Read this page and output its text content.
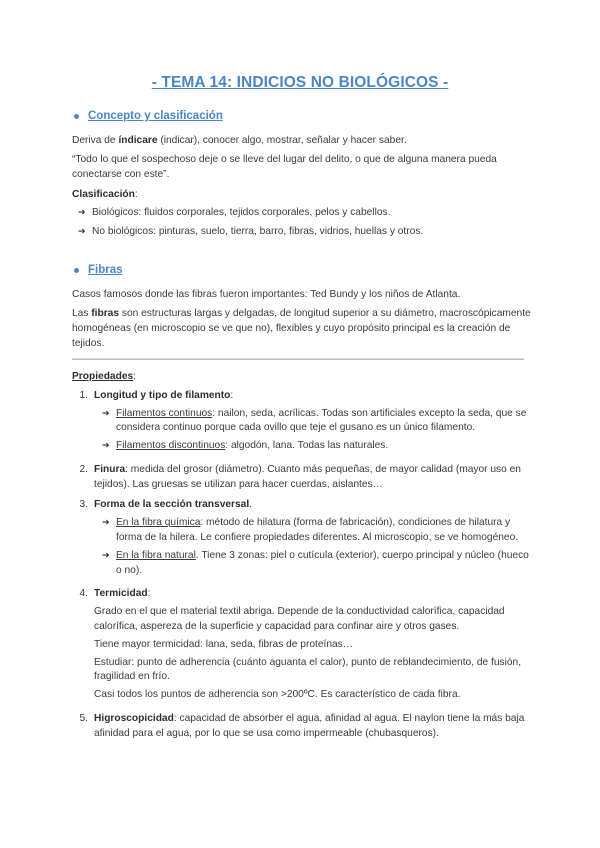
- TEMA 14: INDICIOS NO BIOLÓGICOS -
Concepto y clasificación

Deriva de índicare (indicar), conocer algo, mostrar, señalar y hacer saber.

“Todo lo que el sospechoso deje o se lleve del lugar del delito, o que de alguna manera pueda conectarse con este”.

Clasificación:
➔ Biológicos: fluidos corporales, tejidos corporales, pelos y cabellos.
➔ No biológicos: pinturas, suelo, tierra, barro, fibras, vidrios, huellas y otros.
Fibras

Casos famosos donde las fibras fueron importantes: Ted Bundy y los niños de Atlanta.

Las fibras son estructuras largas y delgadas, de longitud superior a su diámetro, macroscópicamente homogéneas (en microscopio se ve que no), flexibles y cuyo propósito principal es la creación de tejidos.

Propiedades:
1. Longitud y tipo de filamento:
➔ Filamentos continuos: nailon, seda, acrílicas. Todas son artificiales excepto la seda, que se considera continuo porque cada ovillo que teje el gusano es un único filamento.
➔ Filamentos discontinuos: algodón, lana. Todas las naturales.
2. Finura: medida del grosor (diámetro). Cuanto más pequeñas, de mayor calidad (mayor uso en tejidos). Las gruesas se utilizan para hacer cuerdas, aislantes…
3. Forma de la sección transversal.
➔ En la fibra química: método de hilatura (forma de fabricación), condiciones de hilatura y forma de la hilera. Le confiere propiedades diferentes. Al microscopio, se ve homogéneo.
➔ En la fibra natural. Tiene 3 zonas: piel o cutícula (exterior), cuerpo principal y núcleo (hueco o no).
4. Termicidad:

Grado en el que el material textil abriga. Depende de la conductividad calorífica, capacidad calorífica, aspereza de la superficie y capacidad para confinar aire y otros gases.

Tiene mayor termicidad: lana, seda, fibras de proteínas…

Estudiar: punto de adherencia (cuánto aguanta el calor), punto de reblandecimiento, de fusión, fragilidad en frío.

Casi todos los puntos de adherencia son >200ºC. Es característico de cada fibra.

5. Higroscopicidad: capacidad de absorber el agua, afinidad al agua. El naylon tiene la más baja afinidad para el agua, por lo que se usa como impermeable (chubasqueros).
